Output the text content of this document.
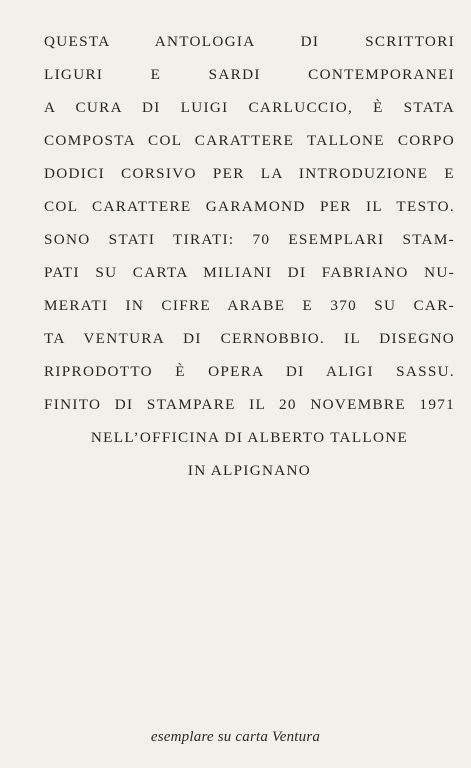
QUESTA ANTOLOGIA DI SCRITTORI
LIGURI E SARDI CONTEMPORANEI
A CURA DI LUIGI CARLUCCIO, È STATA
COMPOSTA COL CARATTERE TALLONE CORPO
DODICI CORSIVO PER LA INTRODUZIONE E
COL CARATTERE GARAMOND PER IL TESTO.
SONO STATI TIRATI: 70 ESEMPLARI STAM-
PATI SU CARTA MILIANI DI FABRIANO NU-
MERATI IN CIFRE ARABE E 370 SU CAR-
TA VENTURA DI CERNOBBIO. IL DISEGNO
RIPRODOTTO È OPERA DI ALIGI SASSU.
FINITO DI STAMPARE IL 20 NOVEMBRE 1971
NELL’OFFICINA DI ALBERTO TALLONE
IN ALPIGNANO
esemplare su carta Ventura
